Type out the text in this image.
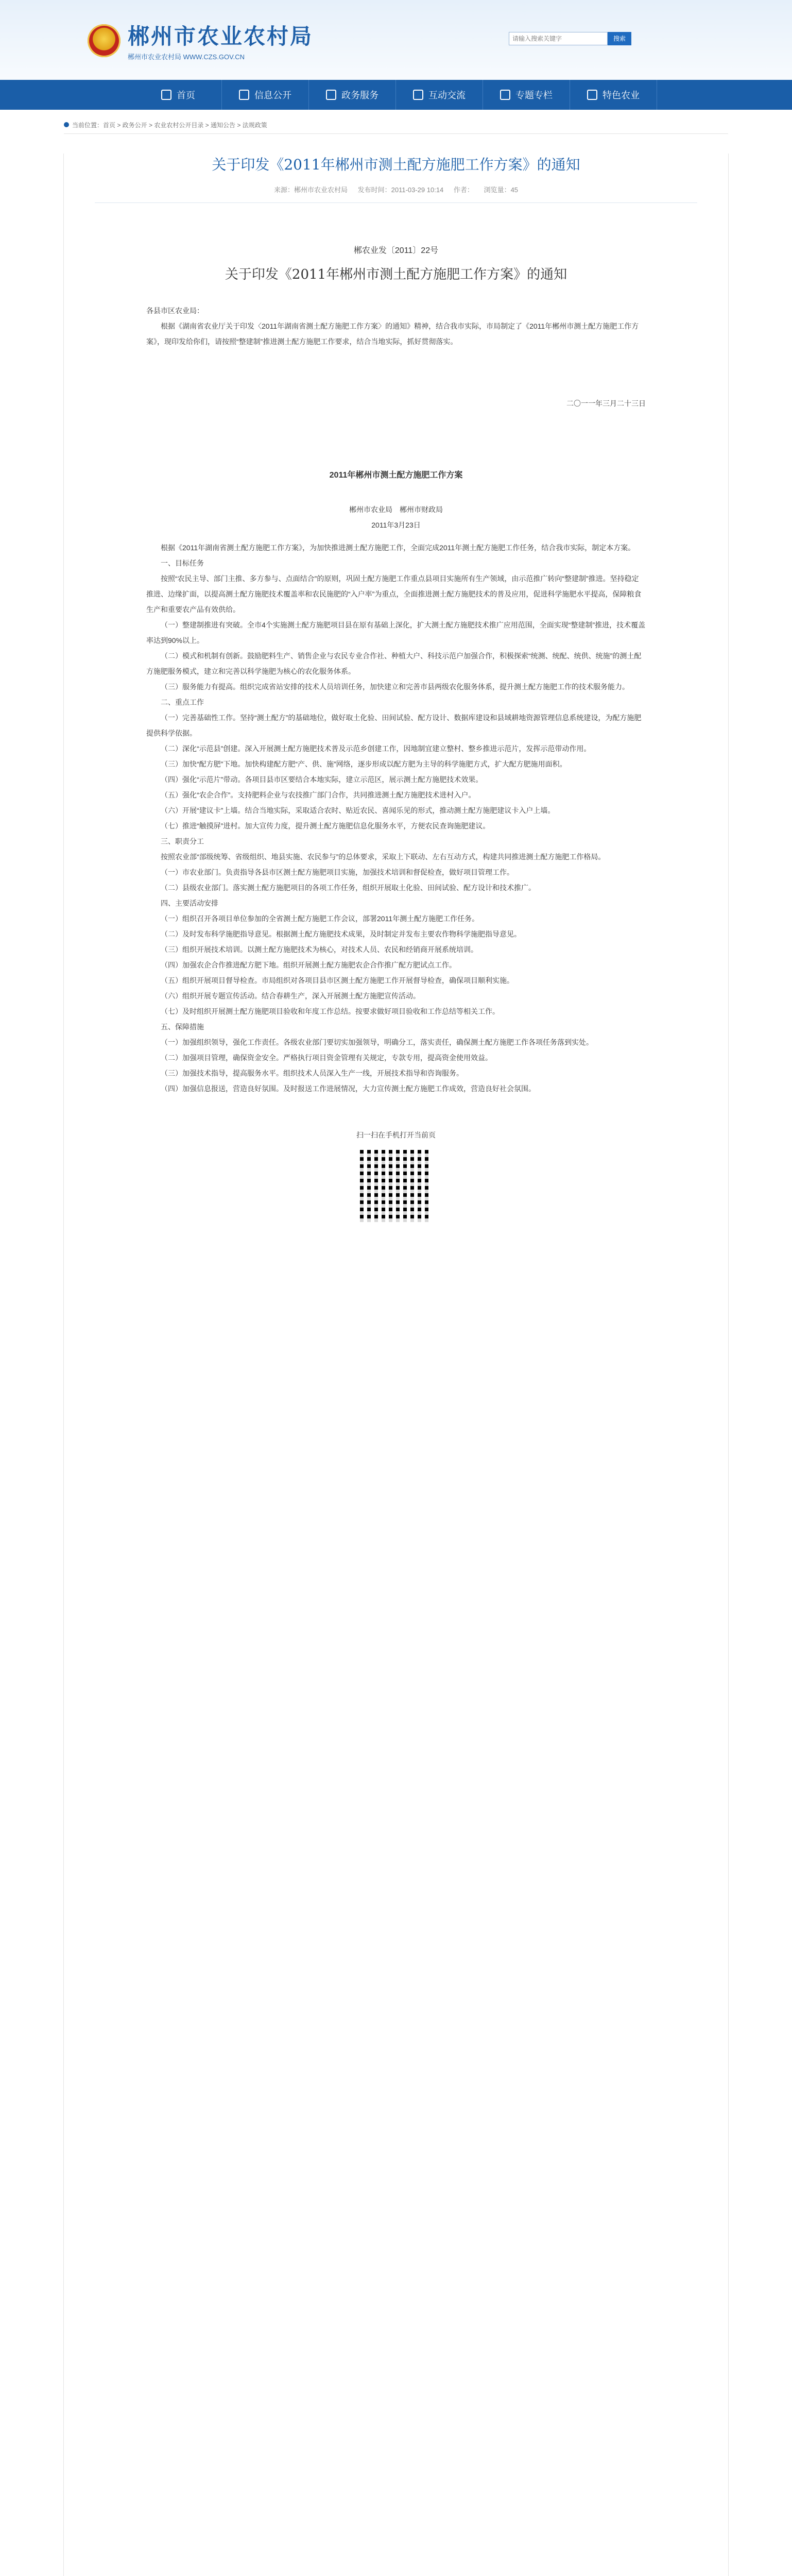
郴州市农业农村局
郴州市农业农村局 WWW.CZS.GOV.CN
请输入搜索关键字
搜索
首页	信息公开	政务服务	互动交流	专题专栏	特色农业
当前位置：首页 > 政务公开 > 农业农村公开目录 > 通知公告 > 法规政策
关于印发《2011年郴州市测土配方施肥工作方案》的通知
来源：郴州市农业农村局 发布时间：2011-03-29 10:14 作者： 浏览量：45
郴农业发〔2011〕22号
关于印发《2011年郴州市测土配方施肥工作方案》的通知

各县市区农业局：

根据《湖南省农业厅关于印发〈2011年湖南省测土配方施肥工作方案〉的通知》精神，结合我市实际，市局制定了《2011年郴州市测土配方施肥工作方案》，现印发给你们，请按照“整建制”推进测土配方施肥工作要求，结合当地实际，抓好贯彻落实。

二〇一一年三月二十三日

2011年郴州市测土配方施肥工作方案

郴州市农业局　郴州市财政局

2011年3月23日

根据《2011年湖南省测土配方施肥工作方案》，为加快推进测土配方施肥工作，全面完成2011年测土配方施肥工作任务，结合我市实际，制定本方案。

一、目标任务

按照“农民主导、部门主推、多方参与、点面结合”的原则，巩固土配方施肥工作重点县项目实施所有生产领域，由示范推广转向“整建制”推进。坚持稳定推进、边缘扩面，以提高测土配方施肥技术覆盖率和农民施肥的“入户率”为重点，全面推进测土配方施肥技术的普及应用，促进科学施肥水平提高，保障粮食生产和重要农产品有效供给。

（一）整建制推进有突破。全市4个实施测土配方施肥项目县在原有基础上深化，扩大测土配方施肥技术推广应用范围，全面实现“整建制”推进，技术覆盖率达到90%以上。

（二）模式和机制有创新。鼓励肥料生产、销售企业与农民专业合作社、种植大户、科技示范户加强合作，积极探索“统测、统配、统供、统施”的测土配方施肥服务模式，建立和完善以科学施肥为核心的农化服务体系。

（三）服务能力有提高。组织完成省站安排的技术人员培训任务，加快建立和完善市县两级农化服务体系，提升测土配方施肥工作的技术服务能力。

二、重点工作

（一）完善基础性工作。坚持“测土配方”的基础地位，做好取土化验、田间试验、配方设计、数据库建设和县域耕地资源管理信息系统建设，为配方施肥提供科学依据。

（二）深化“示范县”创建。深入开展测土配方施肥技术普及示范乡创建工作，因地制宜建立整村、整乡推进示范片，发挥示范带动作用。

（三）加快“配方肥”下地。加快构建配方肥“产、供、施”网络，逐步形成以配方肥为主导的科学施肥方式，扩大配方肥施用面积。

（四）强化“示范片”带动。各项目县市区要结合本地实际，建立示范区，展示测土配方施肥技术效果。

（五）强化“农企合作”。支持肥料企业与农技推广部门合作，共同推进测土配方施肥技术进村入户。

（六）开展“建议卡”上墙。结合当地实际，采取适合农时、贴近农民、喜闻乐见的形式，推动测土配方施肥建议卡入户上墙。

（七）推进“触摸屏”进村。加大宣传力度，提升测土配方施肥信息化服务水平，方便农民查询施肥建议。

三、职责分工

按照农业部“部级统筹、省级组织、地县实施、农民参与”的总体要求，采取上下联动、左右互动方式，构建共同推进测土配方施肥工作格局。

（一）市农业部门。负责指导各县市区测土配方施肥项目实施，加强技术培训和督促检查，做好项目管理工作。

（二）县级农业部门。落实测土配方施肥项目的各项工作任务，组织开展取土化验、田间试验、配方设计和技术推广。

四、主要活动安排

（一）组织召开各项目单位参加的全省测土配方施肥工作会议，部署2011年测土配方施肥工作任务。

（二）及时发布科学施肥指导意见。根据测土配方施肥技术成果，及时制定并发布主要农作物科学施肥指导意见。

（三）组织开展技术培训。以测土配方施肥技术为核心，对技术人员、农民和经销商开展系统培训。

（四）加强农企合作推进配方肥下地。组织开展测土配方施肥农企合作推广配方肥试点工作。

（五）组织开展项目督导检查。市局组织对各项目县市区测土配方施肥工作开展督导检查，确保项目顺利实施。

（六）组织开展专题宣传活动。结合春耕生产，深入开展测土配方施肥宣传活动。

（七）及时组织开展测土配方施肥项目验收和年度工作总结。按要求做好项目验收和工作总结等相关工作。

五、保障措施

（一）加强组织领导，强化工作责任。各级农业部门要切实加强领导，明确分工，落实责任，确保测土配方施肥工作各项任务落到实处。

（二）加强项目管理，确保资金安全。严格执行项目资金管理有关规定，专款专用，提高资金使用效益。

（三）加强技术指导，提高服务水平。组织技术人员深入生产一线，开展技术指导和咨询服务。

（四）加强信息报送，营造良好氛围。及时报送工作进展情况，大力宣传测土配方施肥工作成效，营造良好社会氛围。

扫一扫在手机打开当前页
